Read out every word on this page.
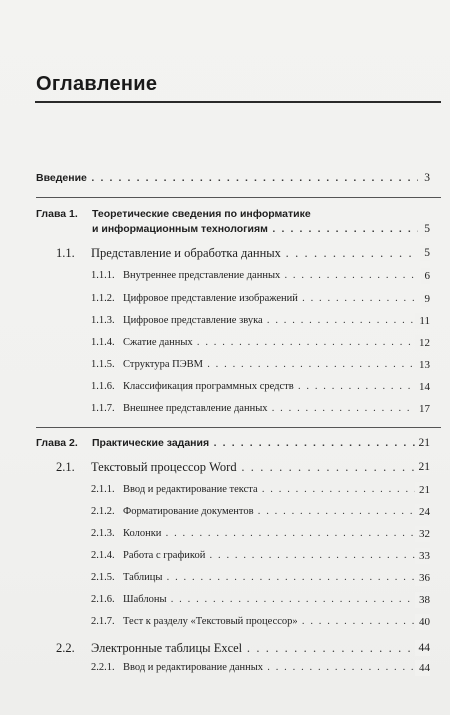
Оглавление
Введение . . .	3
Глава 1. Теоретические сведения по информатике
и информационным технологиям . . .	5
1.1. Представление и обработка данных . . .	5
1.1.1. Внутреннее представление данных . . .	6
1.1.2. Цифровое представление изображений . . .	9
1.1.3. Цифровое представление звука . . .	11
1.1.4. Сжатие данных . . .	12
1.1.5. Структура ПЭВМ . . .	13
1.1.6. Классификация программных средств . . .	14
1.1.7. Внешнее представление данных . . .	17
Глава 2. Практические задания . . .	21
2.1. Текстовый процессор Word . . .	21
2.1.1. Ввод и редактирование текста . . .	21
2.1.2. Форматирование документов . . .	24
2.1.3. Колонки . . .	32
2.1.4. Работа с графикой . . .	33
2.1.5. Таблицы . . .	36
2.1.6. Шаблоны . . .	38
2.1.7. Тест к разделу «Текстовый процессор» . . .	40
2.2. Электронные таблицы Excel . . .	44
2.2.1. Ввод и редактирование данных . . .	44
